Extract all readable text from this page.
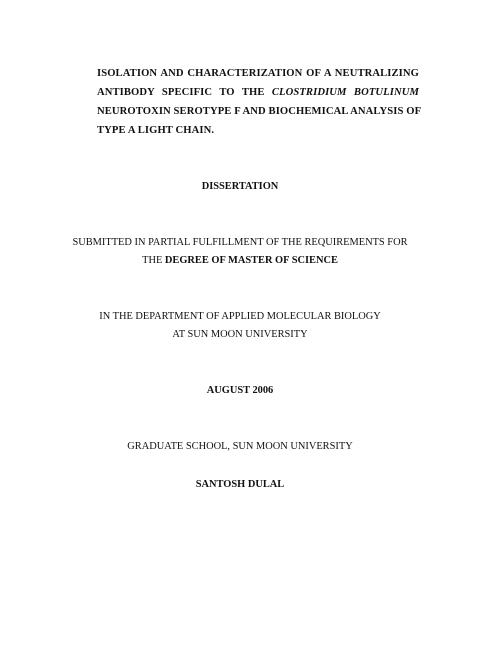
ISOLATION AND CHARACTERIZATION OF A NEUTRALIZING
ANTIBODY SPECIFIC TO THE CLOSTRIDIUM BOTULINUM
NEUROTOXIN SEROTYPE F AND BIOCHEMICAL ANALYSIS OF
TYPE A LIGHT CHAIN.
DISSERTATION
SUBMITTED IN PARTIAL FULFILLMENT OF THE REQUIREMENTS FOR
THE DEGREE OF MASTER OF SCIENCE
IN THE DEPARTMENT OF APPLIED MOLECULAR BIOLOGY
AT SUN MOON UNIVERSITY
AUGUST 2006
GRADUATE SCHOOL, SUN MOON UNIVERSITY
SANTOSH DULAL
